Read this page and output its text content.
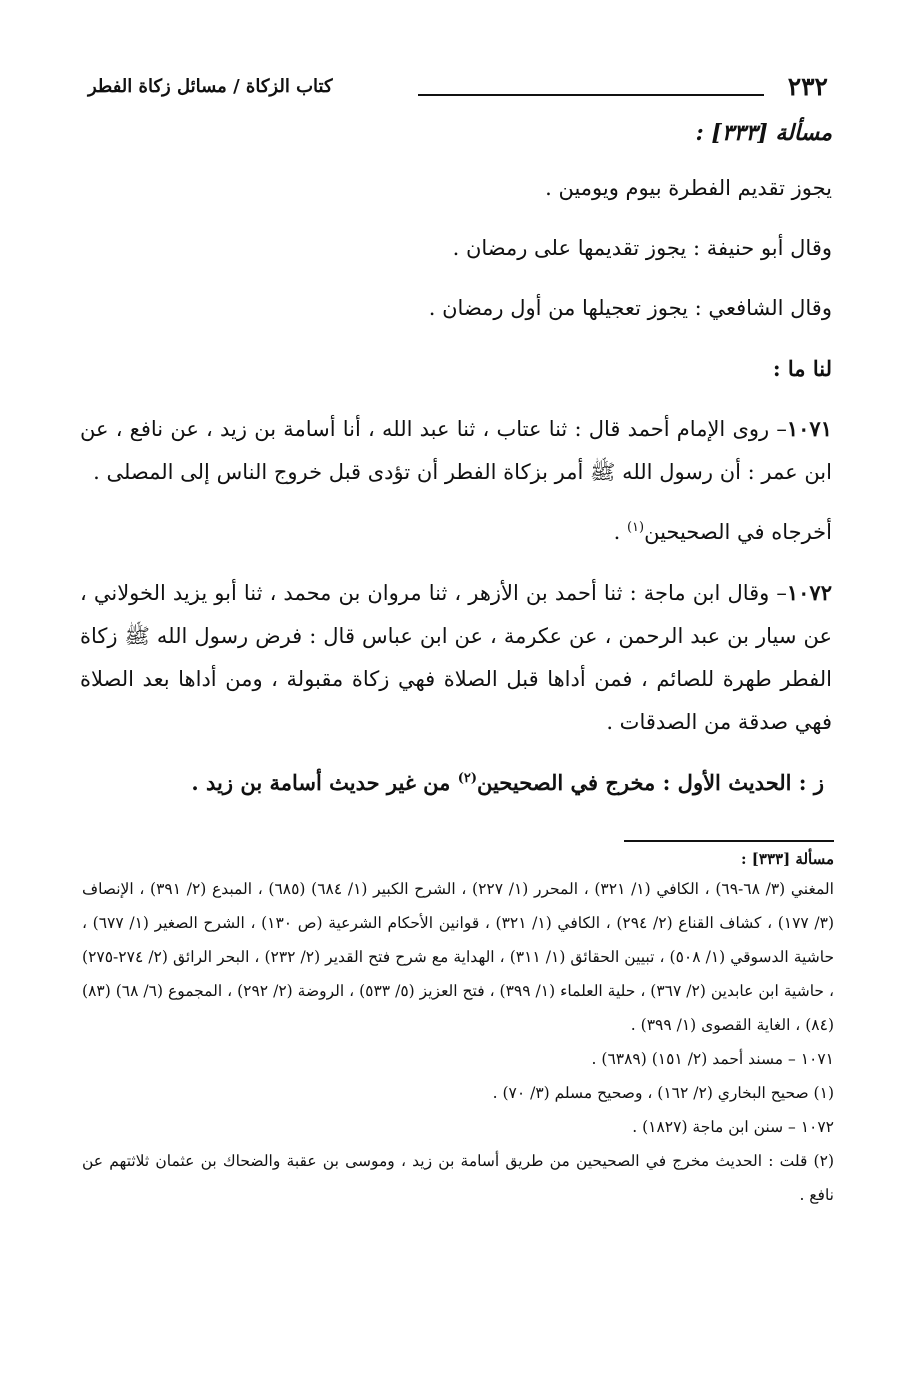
٢٣٢
كتاب الزكاة / مسائل زكاة الفطر

مسألة [٣٣٣] :

يجوز تقديم الفطرة بيوم ويومين .

وقال أبو حنيفة : يجوز تقديمها على رمضان .

وقال الشافعي : يجوز تعجيلها من أول رمضان .

لنا ما :

١٠٧١– روى الإمام أحمد قال : ثنا عتاب ، ثنا عبد الله ، أنا أسامة بن زيد ، عن نافع ، عن ابن عمر : أن رسول الله ﷺ أمر بزكاة الفطر أن تؤدى قبل خروج الناس إلى المصلى .

أخرجاه في الصحيحين$^{(١)}$ .

١٠٧٢– وقال ابن ماجة : ثنا أحمد بن الأزهر ، ثنا مروان بن محمد ، ثنا أبو يزيد الخولاني ، عن سيار بن عبد الرحمن ، عن عكرمة ، عن ابن عباس قال : فرض رسول الله ﷺ زكاة الفطر طهرة للصائم ، فمن أداها قبل الصلاة فهي زكاة مقبولة ، ومن أداها بعد الصلاة فهي صدقة من الصدقات .

ز : الحديث الأول : مخرج في الصحيحين$^{(٢)}$ من غير حديث أسامة بن زيد .

مسألة [٣٣٣] :

المغني (٣/ ٦٨-٦٩) ، الكافي (١/ ٣٢١) ، المحرر (١/ ٢٢٧) ، الشرح الكبير (١/ ٦٨٤) (٦٨٥) ، المبدع (٢/ ٣٩١) ، الإنصاف (٣/ ١٧٧) ، كشاف القناع (٢/ ٢٩٤) ، الكافي (١/ ٣٢١) ، قوانين الأحكام الشرعية (ص ١٣٠) ، الشرح الصغير (١/ ٦٧٧) ، حاشية الدسوقي (١/ ٥٠٨) ، تبيين الحقائق (١/ ٣١١) ، الهداية مع شرح فتح القدير (٢/ ٢٣٢) ، البحر الرائق (٢/ ٢٧٤-٢٧٥) ، حاشية ابن عابدين (٢/ ٣٦٧) ، حلية العلماء (١/ ٣٩٩) ، فتح العزيز (٥/ ٥٣٣) ، الروضة (٢/ ٢٩٢) ، المجموع (٦/ ٦٨) (٨٣) (٨٤) ، الغاية القصوى (١/ ٣٩٩) .

١٠٧١ – مسند أحمد (٢/ ١٥١) (٦٣٨٩) .

(١) صحيح البخاري (٢/ ١٦٢) ، وصحيح مسلم (٣/ ٧٠) .

١٠٧٢ – سنن ابن ماجة (١٨٢٧) .

(٢) قلت : الحديث مخرج في الصحيحين من طريق أسامة بن زيد ، وموسى بن عقبة والضحاك بن عثمان ثلاثتهم عن نافع .
